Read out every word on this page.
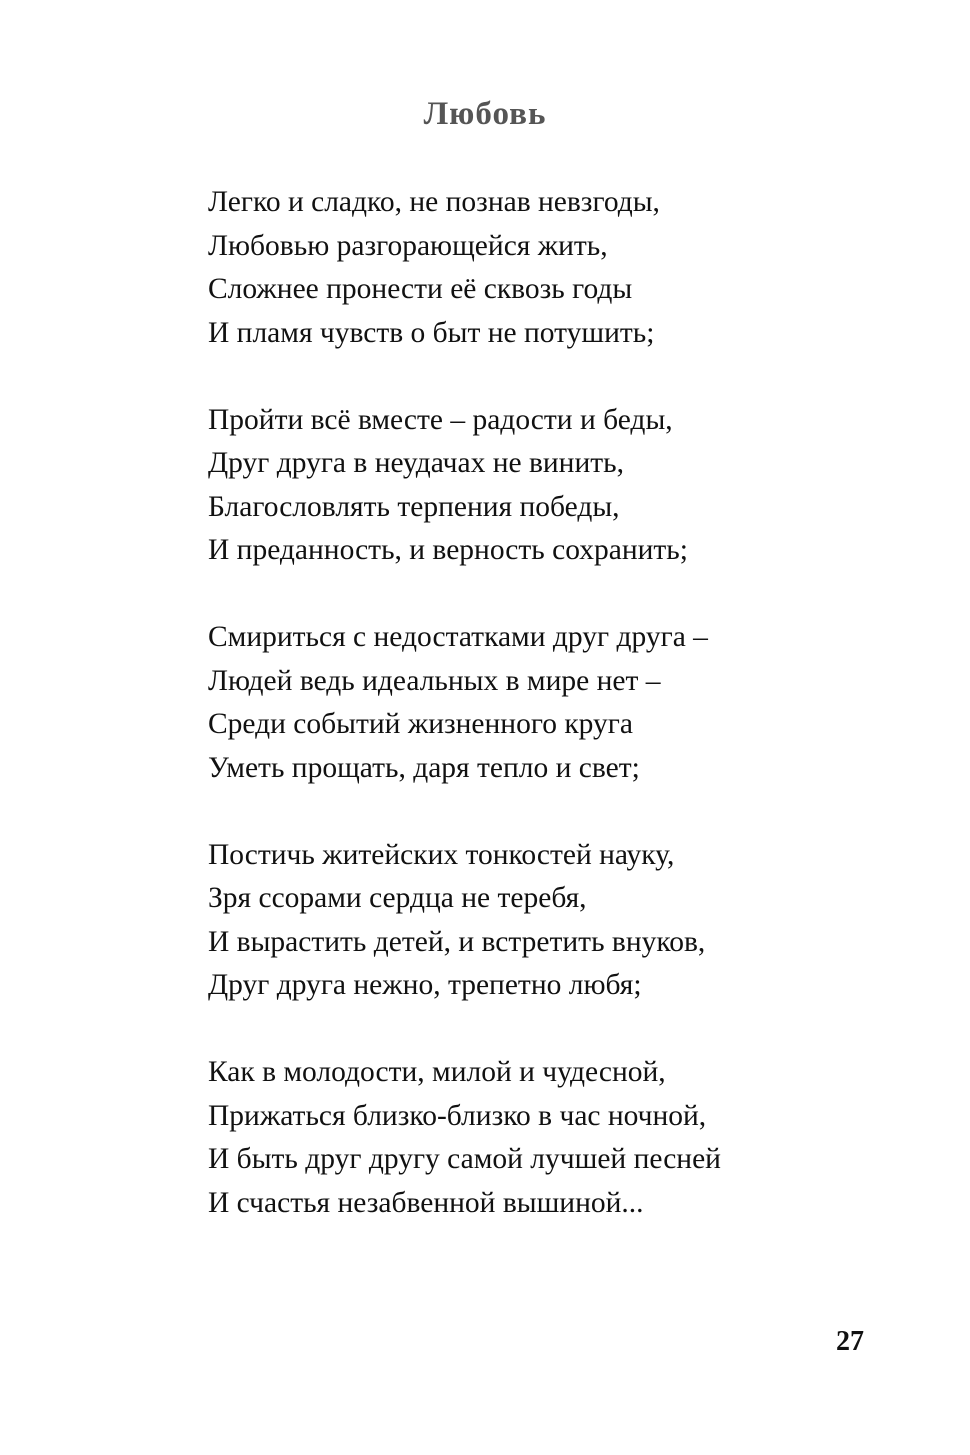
Любовь
Легко и сладко, не познав невзгоды,
Любовью разгорающейся жить,
Сложнее пронести её сквозь годы
И пламя чувств о быт не потушить;
Пройти всё вместе – радости и беды,
Друг друга в неудачах не винить,
Благословлять терпения победы,
И преданность, и верность сохранить;
Смириться с недостатками друг друга –
Людей ведь идеальных в мире нет –
Среди событий жизненного круга
Уметь прощать, даря тепло и свет;
Постичь житейских тонкостей науку,
Зря ссорами сердца не теребя,
И вырастить детей, и встретить внуков,
Друг друга нежно, трепетно любя;
Как в молодости, милой и чудесной,
Прижаться близко-близко в час ночной,
И быть друг другу самой лучшей песней
И счастья незабвенной вышиной...
27
